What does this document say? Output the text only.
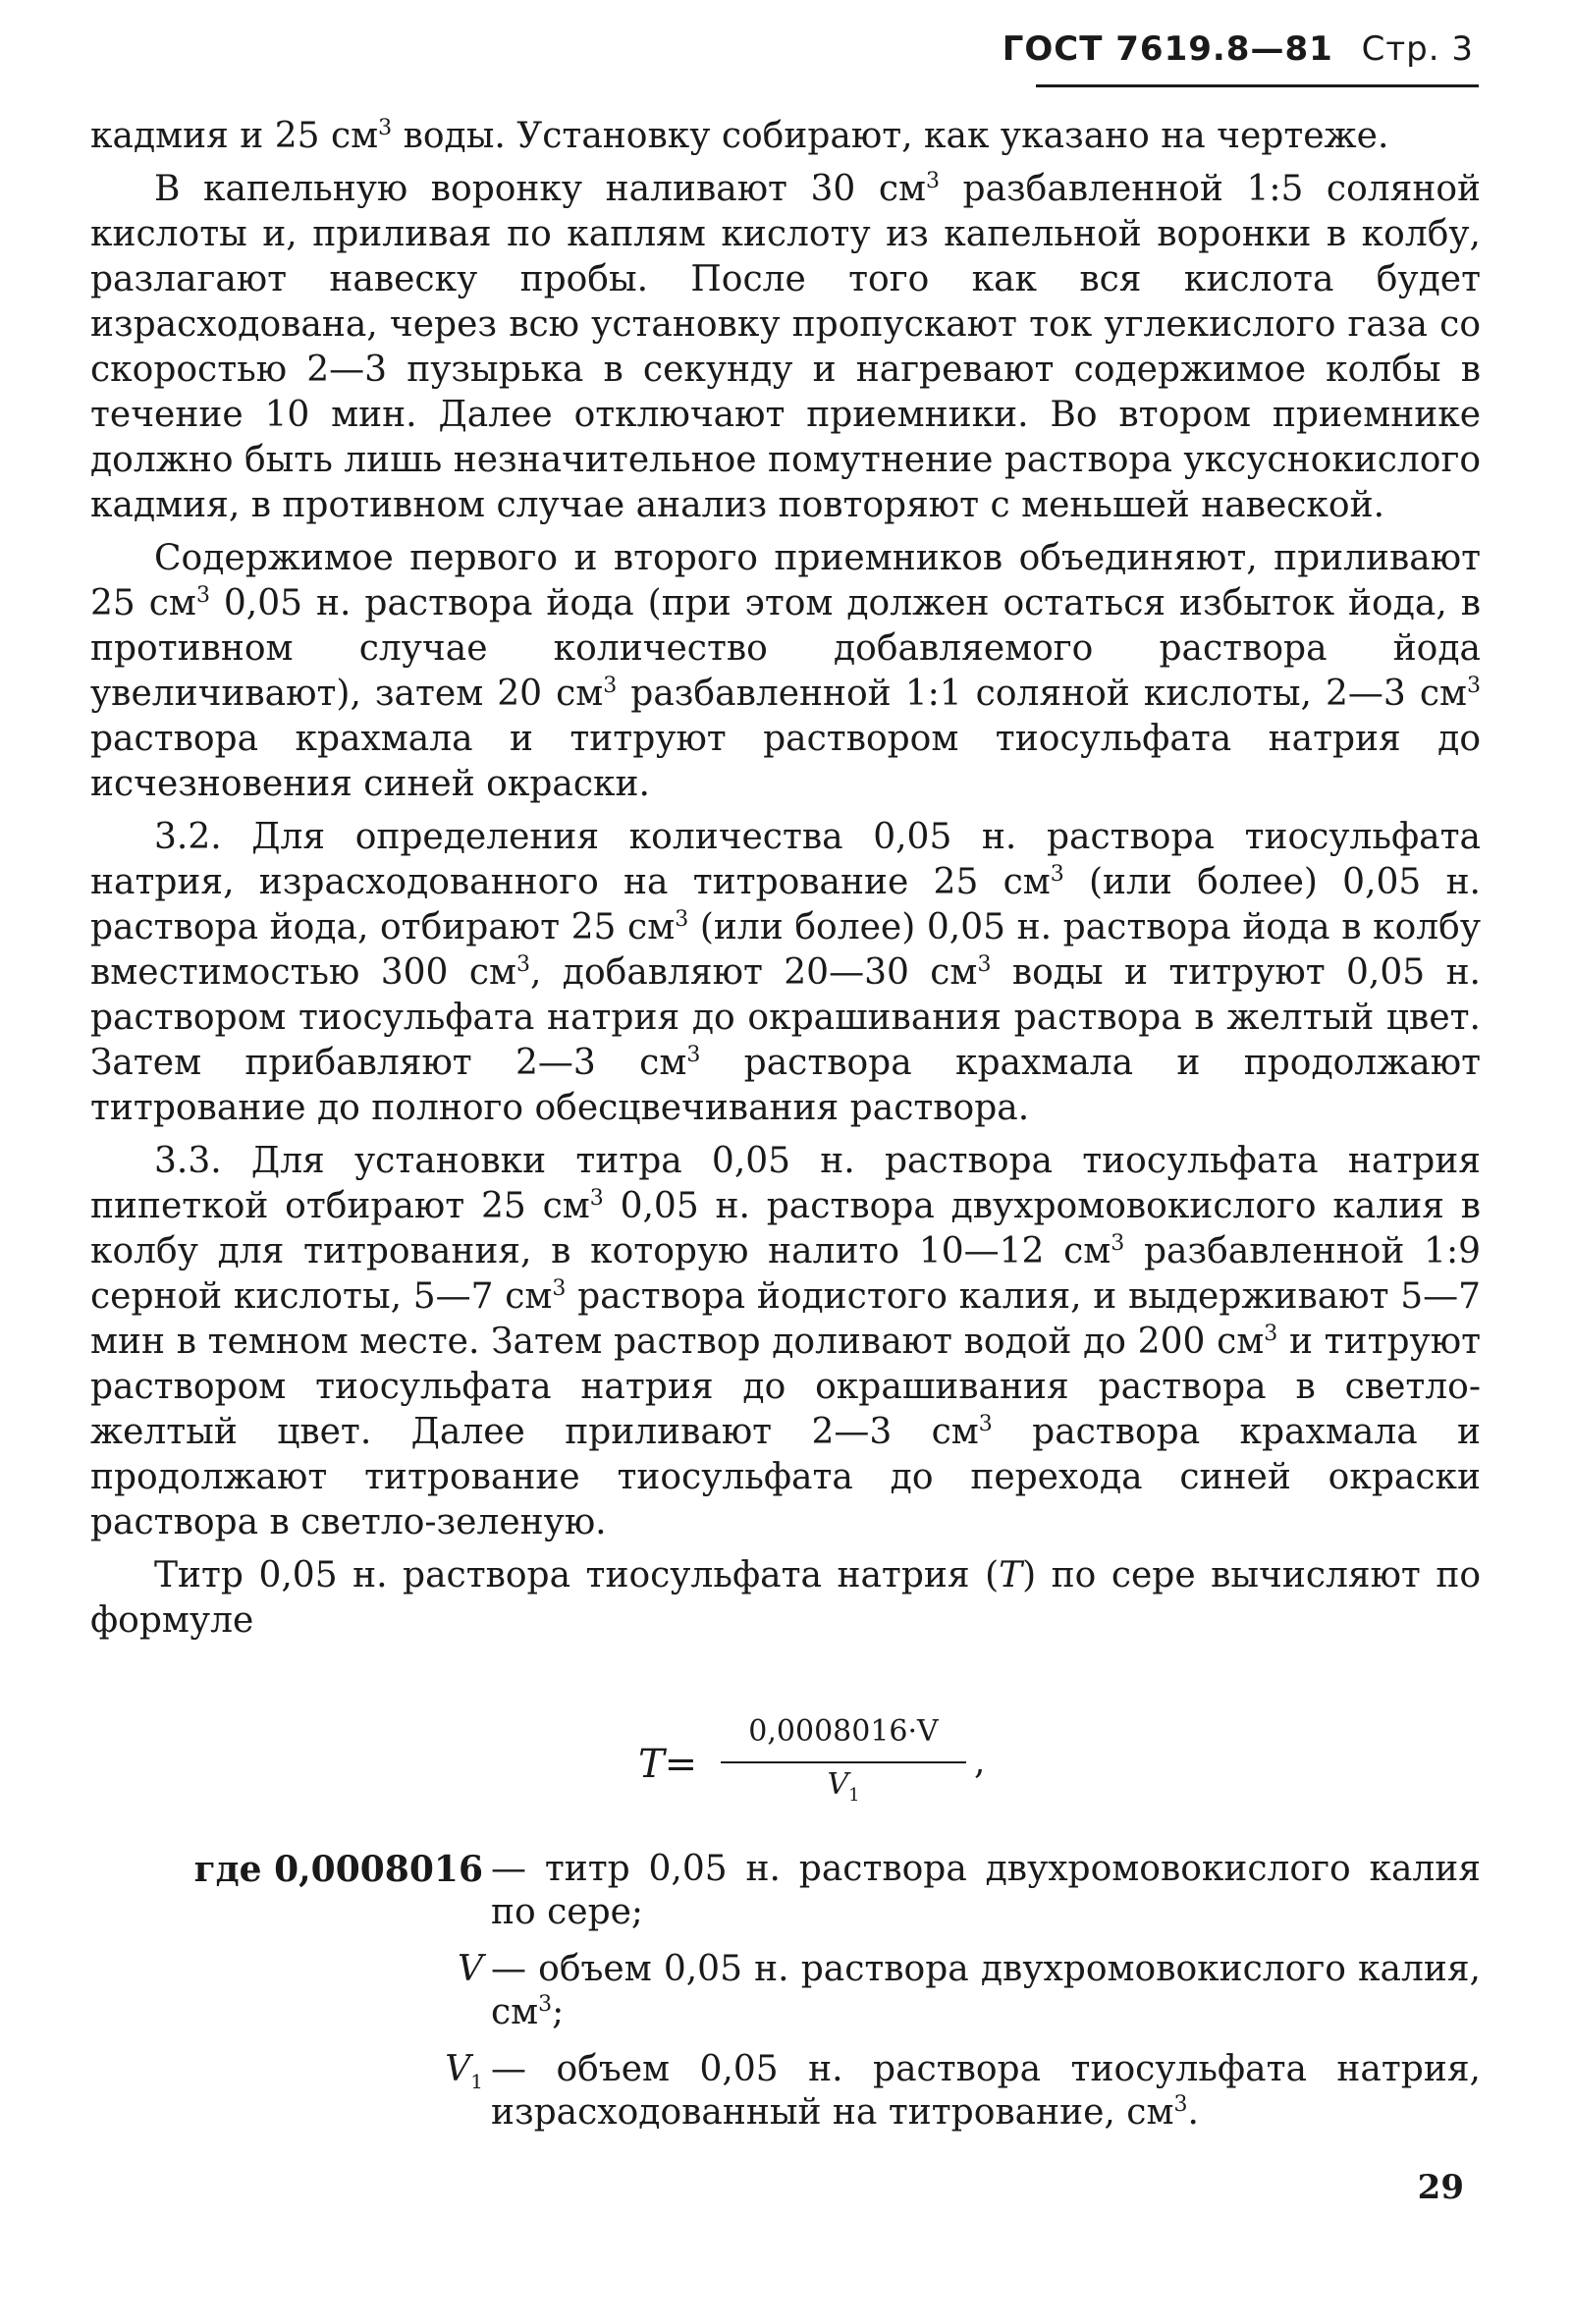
ГОСТ 7619.8—81 Стр. 3

кадмия и 25 $см^3$ воды. Установку собирают, как указано на чертеже.

В капельную воронку наливают 30 $см^3$ разбавленной 1:5 соляной кислоты и, приливая по каплям кислоту из капельной воронки в колбу, разлагают навеску пробы. После того как вся кислота будет израсходована, через всю установку пропускают ток углекислого газа со скоростью 2—3 пузырька в секунду и нагревают содержимое колбы в течение 10 мин. Далее отключают приемники. Во втором приемнике должно быть лишь незначительное помутнение раствора уксуснокислого кадмия, в противном случае анализ повторяют с меньшей навеской.

Содержимое первого и второго приемников объединяют, приливают 25 $см^3$ 0,05 н. раствора йода (при этом должен остаться избыток йода, в противном случае количество добавляемого раствора йода увеличивают), затем 20 $см^3$ разбавленной 1:1 соляной кислоты, 2—3 $см^3$ раствора крахмала и титруют раствором тиосульфата натрия до исчезновения синей окраски.

3.2. Для определения количества 0,05 н. раствора тиосульфата натрия, израсходованного на титрование 25 $см^3$ (или более) 0,05 н. раствора йода, отбирают 25 $см^3$ (или более) 0,05 н. раствора йода в колбу вместимостью 300 $см^3$, добавляют 20—30 $см^3$ воды и титруют 0,05 н. раствором тиосульфата натрия до окрашивания раствора в желтый цвет. Затем прибавляют 2—3 $см^3$ раствора крахмала и продолжают титрование до полного обесцвечивания раствора.

3.3. Для установки титра 0,05 н. раствора тиосульфата натрия пипеткой отбирают 25 $см^3$ 0,05 н. раствора двухромовокислого калия в колбу для титрования, в которую налито 10—12 $см^3$ разбавленной 1:9 серной кислоты, 5—7 $см^3$ раствора йодистого калия, и выдерживают 5—7 мин в темном месте. Затем раствор доливают водой до 200 $см^3$ и титруют раствором тиосульфата натрия до окрашивания раствора в светло-желтый цвет. Далее приливают 2—3 $см^3$ раствора крахмала и продолжают титрование тиосульфата до перехода синей окраски раствора в светло-зеленую.

Титр 0,05 н. раствора тиосульфата натрия (T) по сере вычисляют по формуле

T=
0,0008016·V
$V_1$
,
где 0,0008016 — титр 0,05 н. раствора двухромовокислого калия по сере;
V — объем 0,05 н. раствора двухромовокислого калия, $см^3$;
$V_1$ — объем 0,05 н. раствора тиосульфата натрия, израсходованный на титрование, $см^3$.
29
